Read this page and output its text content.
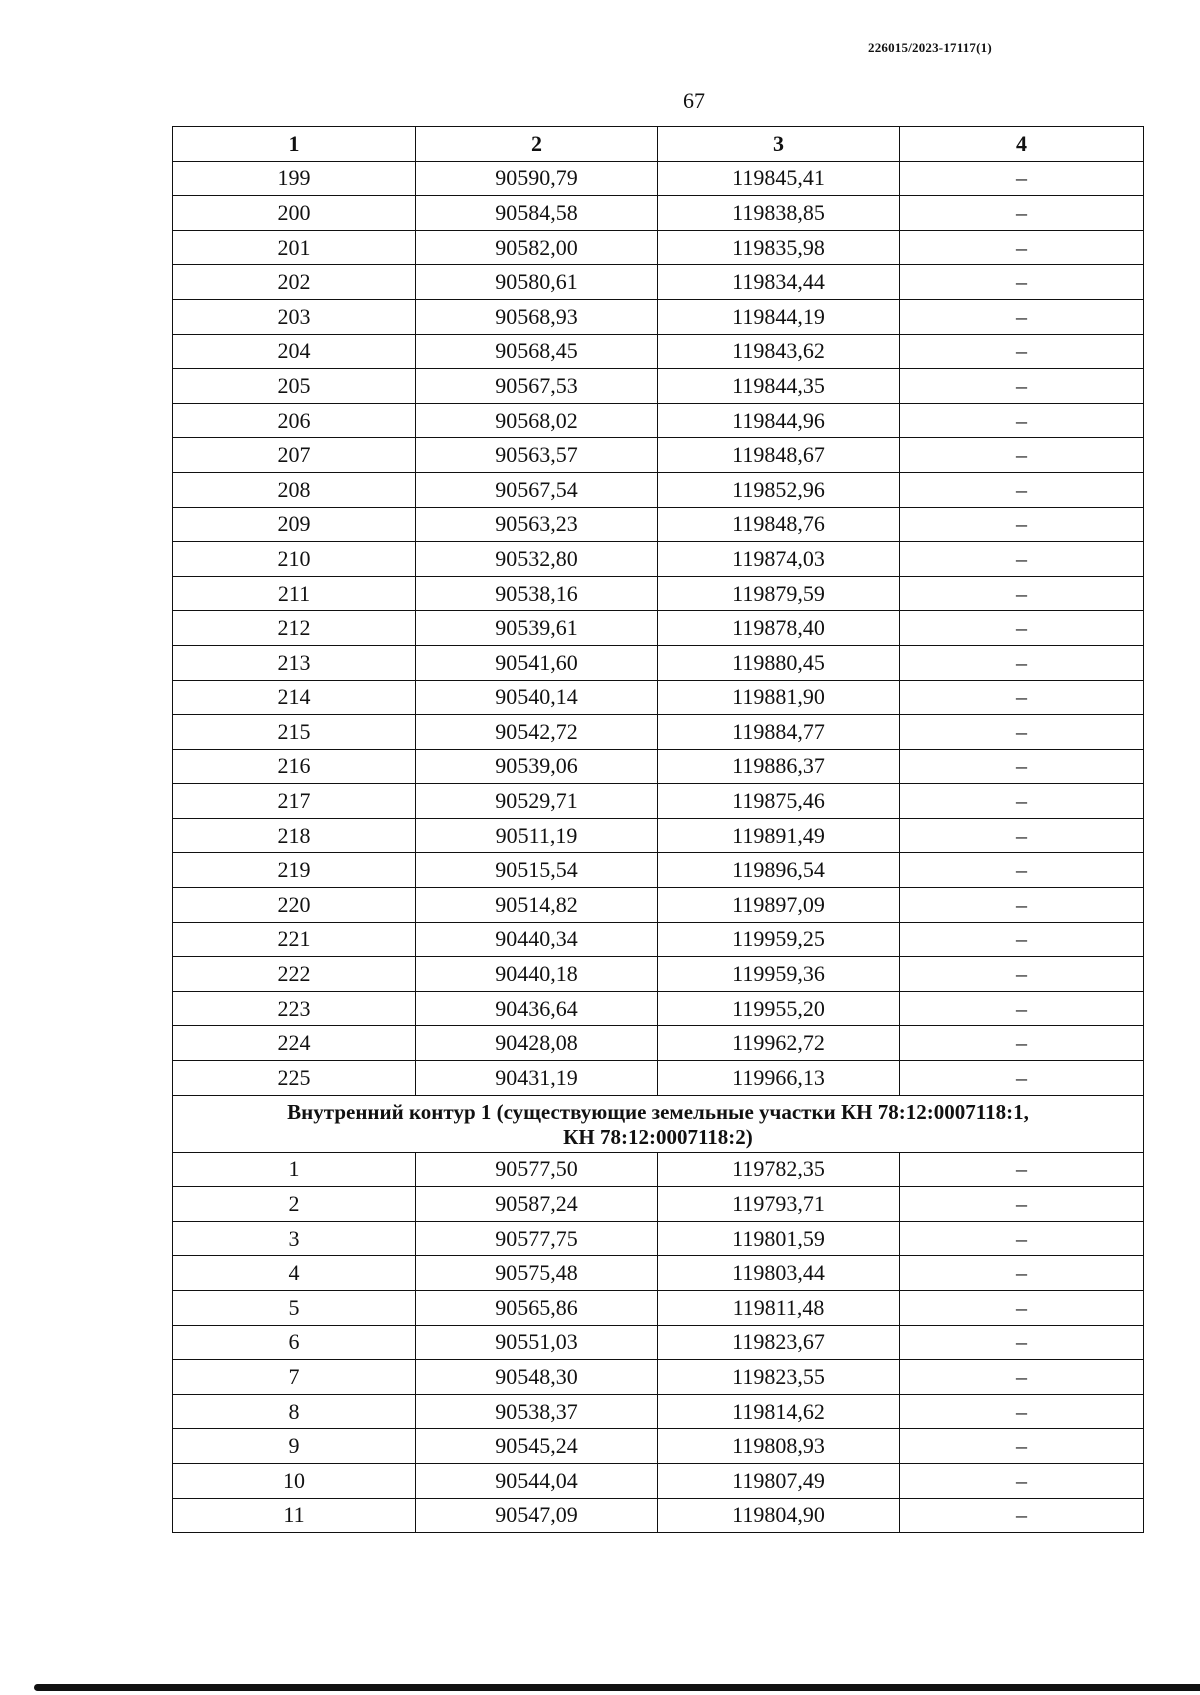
226015/2023-17117(1)
67
1	2	3	4
199	90590,79	119845,41	–
200	90584,58	119838,85	–
201	90582,00	119835,98	–
202	90580,61	119834,44	–
203	90568,93	119844,19	–
204	90568,45	119843,62	–
205	90567,53	119844,35	–
206	90568,02	119844,96	–
207	90563,57	119848,67	–
208	90567,54	119852,96	–
209	90563,23	119848,76	–
210	90532,80	119874,03	–
211	90538,16	119879,59	–
212	90539,61	119878,40	–
213	90541,60	119880,45	–
214	90540,14	119881,90	–
215	90542,72	119884,77	–
216	90539,06	119886,37	–
217	90529,71	119875,46	–
218	90511,19	119891,49	–
219	90515,54	119896,54	–
220	90514,82	119897,09	–
221	90440,34	119959,25	–
222	90440,18	119959,36	–
223	90436,64	119955,20	–
224	90428,08	119962,72	–
225	90431,19	119966,13	–
Внутренний контур 1 (существующие земельные участки КН 78:12:0007118:1,
КН 78:12:0007118:2)			
1	90577,50	119782,35	–
2	90587,24	119793,71	–
3	90577,75	119801,59	–
4	90575,48	119803,44	–
5	90565,86	119811,48	–
6	90551,03	119823,67	–
7	90548,30	119823,55	–
8	90538,37	119814,62	–
9	90545,24	119808,93	–
10	90544,04	119807,49	–
11	90547,09	119804,90	–
